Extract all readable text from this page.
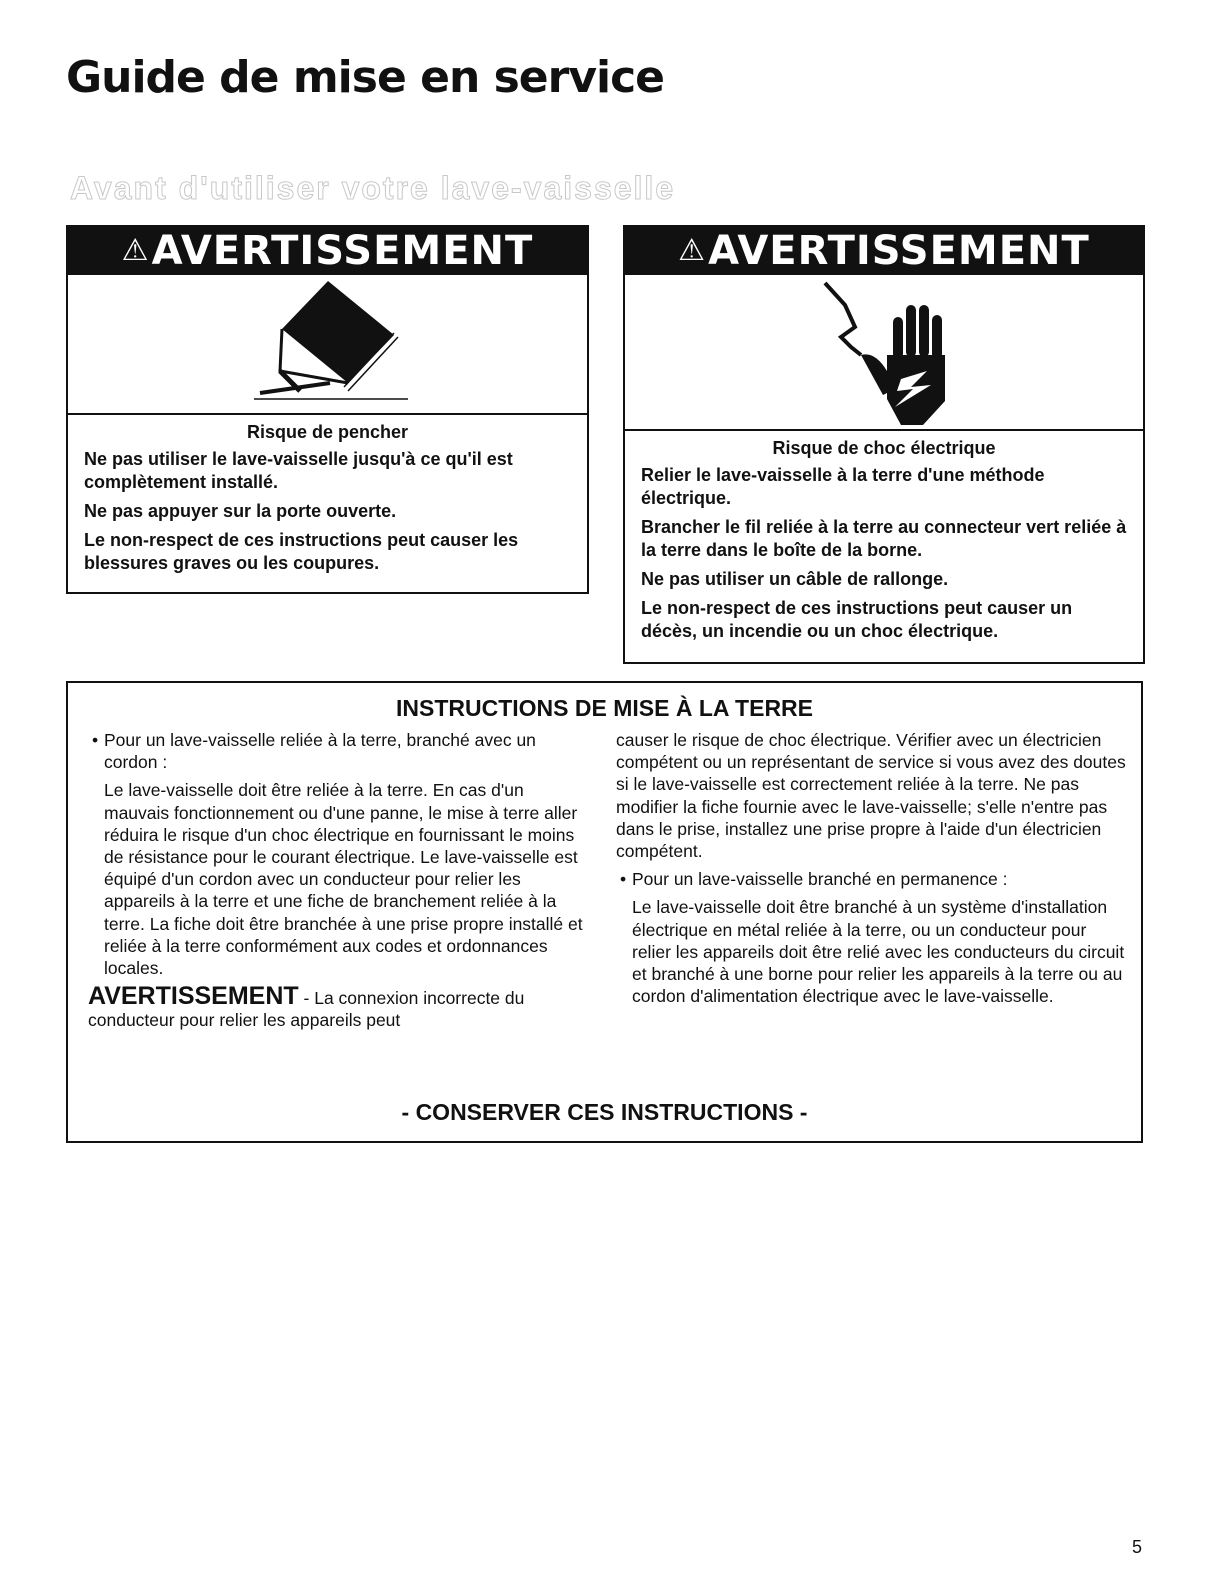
Guide de mise en service
Avant d'utiliser votre lave-vaisselle
⚠AVERTISSEMENT
Risque de pencher

Ne pas utiliser le lave-vaisselle jusqu'à ce qu'il est complètement installé.

Ne pas appuyer sur la porte ouverte.

Le non-respect de ces instructions peut causer les blessures graves ou les coupures.

⚠AVERTISSEMENT
Risque de choc électrique

Relier le lave-vaisselle à la terre d'une méthode électrique.

Brancher le fil reliée à la terre au connecteur vert reliée à la terre dans le boîte de la borne.

Ne pas utiliser un câble de rallonge.

Le non-respect de ces instructions peut causer un décès, un incendie ou un choc électrique.

INSTRUCTIONS DE MISE À LA TERRE

• Pour un lave-vaisselle reliée à la terre, branché avec un cordon :

Le lave-vaisselle doit être reliée à la terre. En cas d'un mauvais fonctionnement ou d'une panne, le mise à terre aller réduira le risque d'un choc électrique en fournissant le moins de résistance pour le courant électrique. Le lave-vaisselle est équipé d'un cordon avec un conducteur pour relier les appareils à la terre et une fiche de branchement reliée à la terre. La fiche doit être branchée à une prise propre installé et reliée à la terre conformément aux codes et ordonnances locales.

AVERTISSEMENT - La connexion incorrecte du conducteur pour relier les appareils peut

causer le risque de choc électrique. Vérifier avec un électricien compétent ou un représentant de service si vous avez des doutes si le lave-vaisselle est correctement reliée à la terre. Ne pas modifier la fiche fournie avec le lave-vaisselle; s'elle n'entre pas dans le prise, installez une prise propre à l'aide d'un électricien compétent.

• Pour un lave-vaisselle branché en permanence :

Le lave-vaisselle doit être branché à un système d'installation électrique en métal reliée à la terre, ou un conducteur pour relier les appareils doit être relié avec les conducteurs du circuit et branché à une borne pour relier les appareils à la terre ou au cordon d'alimentation électrique avec le lave-vaisselle.

- CONSERVER CES INSTRUCTIONS -
5
